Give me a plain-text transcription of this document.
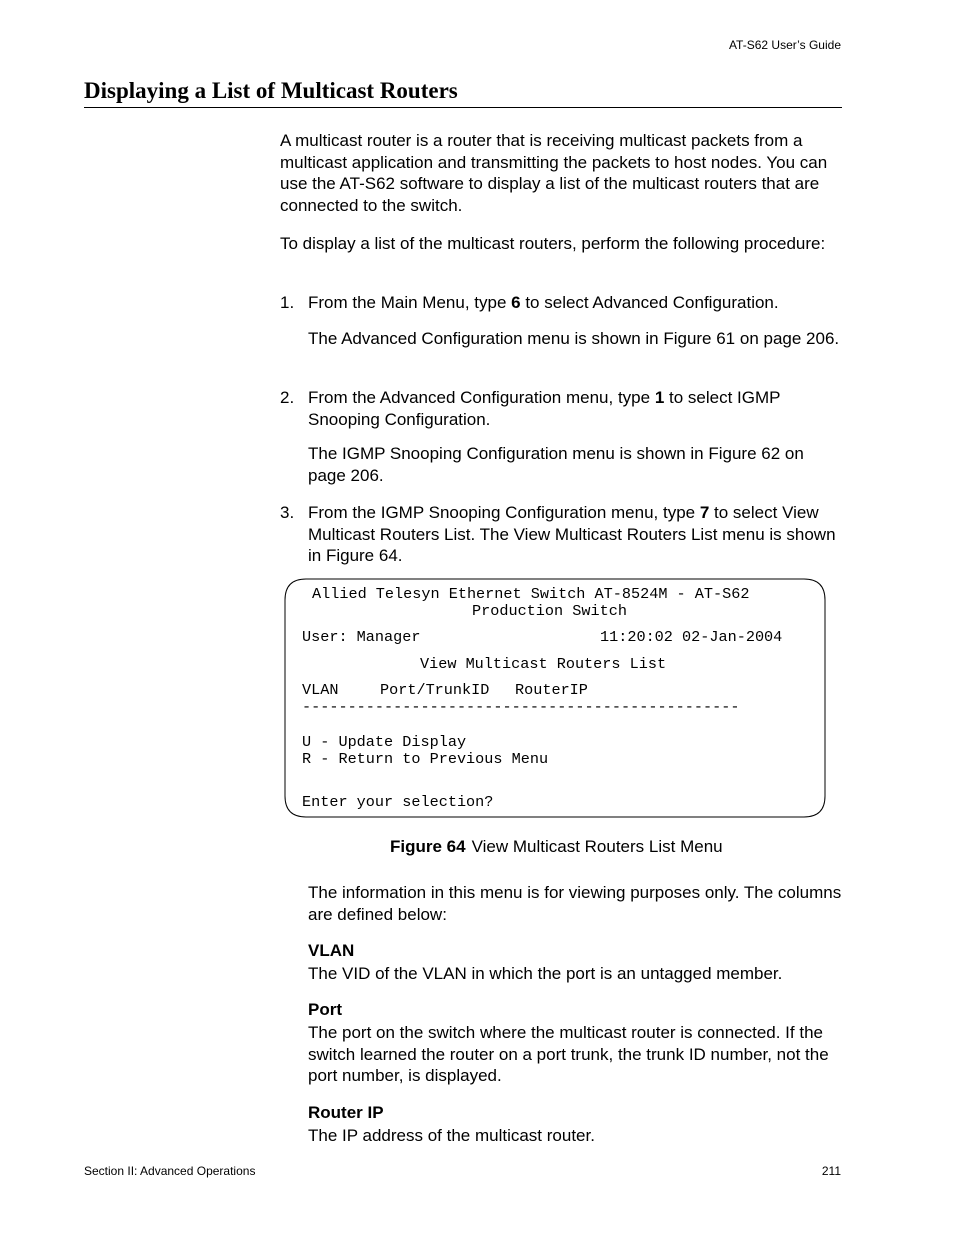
AT-S62 User’s Guide
Displaying a List of Multicast Routers

A multicast router is a router that is receiving multicast packets from a multicast application and transmitting the packets to host nodes. You can use the AT-S62 software to display a list of the multicast routers that are connected to the switch.

To display a list of the multicast routers, perform the following procedure:

1. From the Main Menu, type 6 to select Advanced Configuration.
The Advanced Configuration menu is shown in Figure 61 on page 206.
2. From the Advanced Configuration menu, type 1 to select IGMP Snooping Configuration.
The IGMP Snooping Configuration menu is shown in Figure 62 on page 206.
3. From the IGMP Snooping Configuration menu, type 7 to select View Multicast Routers List. The View Multicast Routers List menu is shown in Figure 64.
Allied Telesyn Ethernet Switch AT-8524M - AT-S62
Production Switch
User: Manager	11:20:02 02-Jan-2004
View Multicast Routers List
VLAN	Port/TrunkID RouterIP
------------------------------------------------
U - Update Display
R - Return to Previous Menu
Enter your selection?
Figure 64 View Multicast Routers List Menu
The information in this menu is for viewing purposes only. The columns are defined below:
VLAN
The VID of the VLAN in which the port is an untagged member.
Port
The port on the switch where the multicast router is connected. If the switch learned the router on a port trunk, the trunk ID number, not the port number, is displayed.
Router IP
The IP address of the multicast router.
Section II: Advanced Operations	211
